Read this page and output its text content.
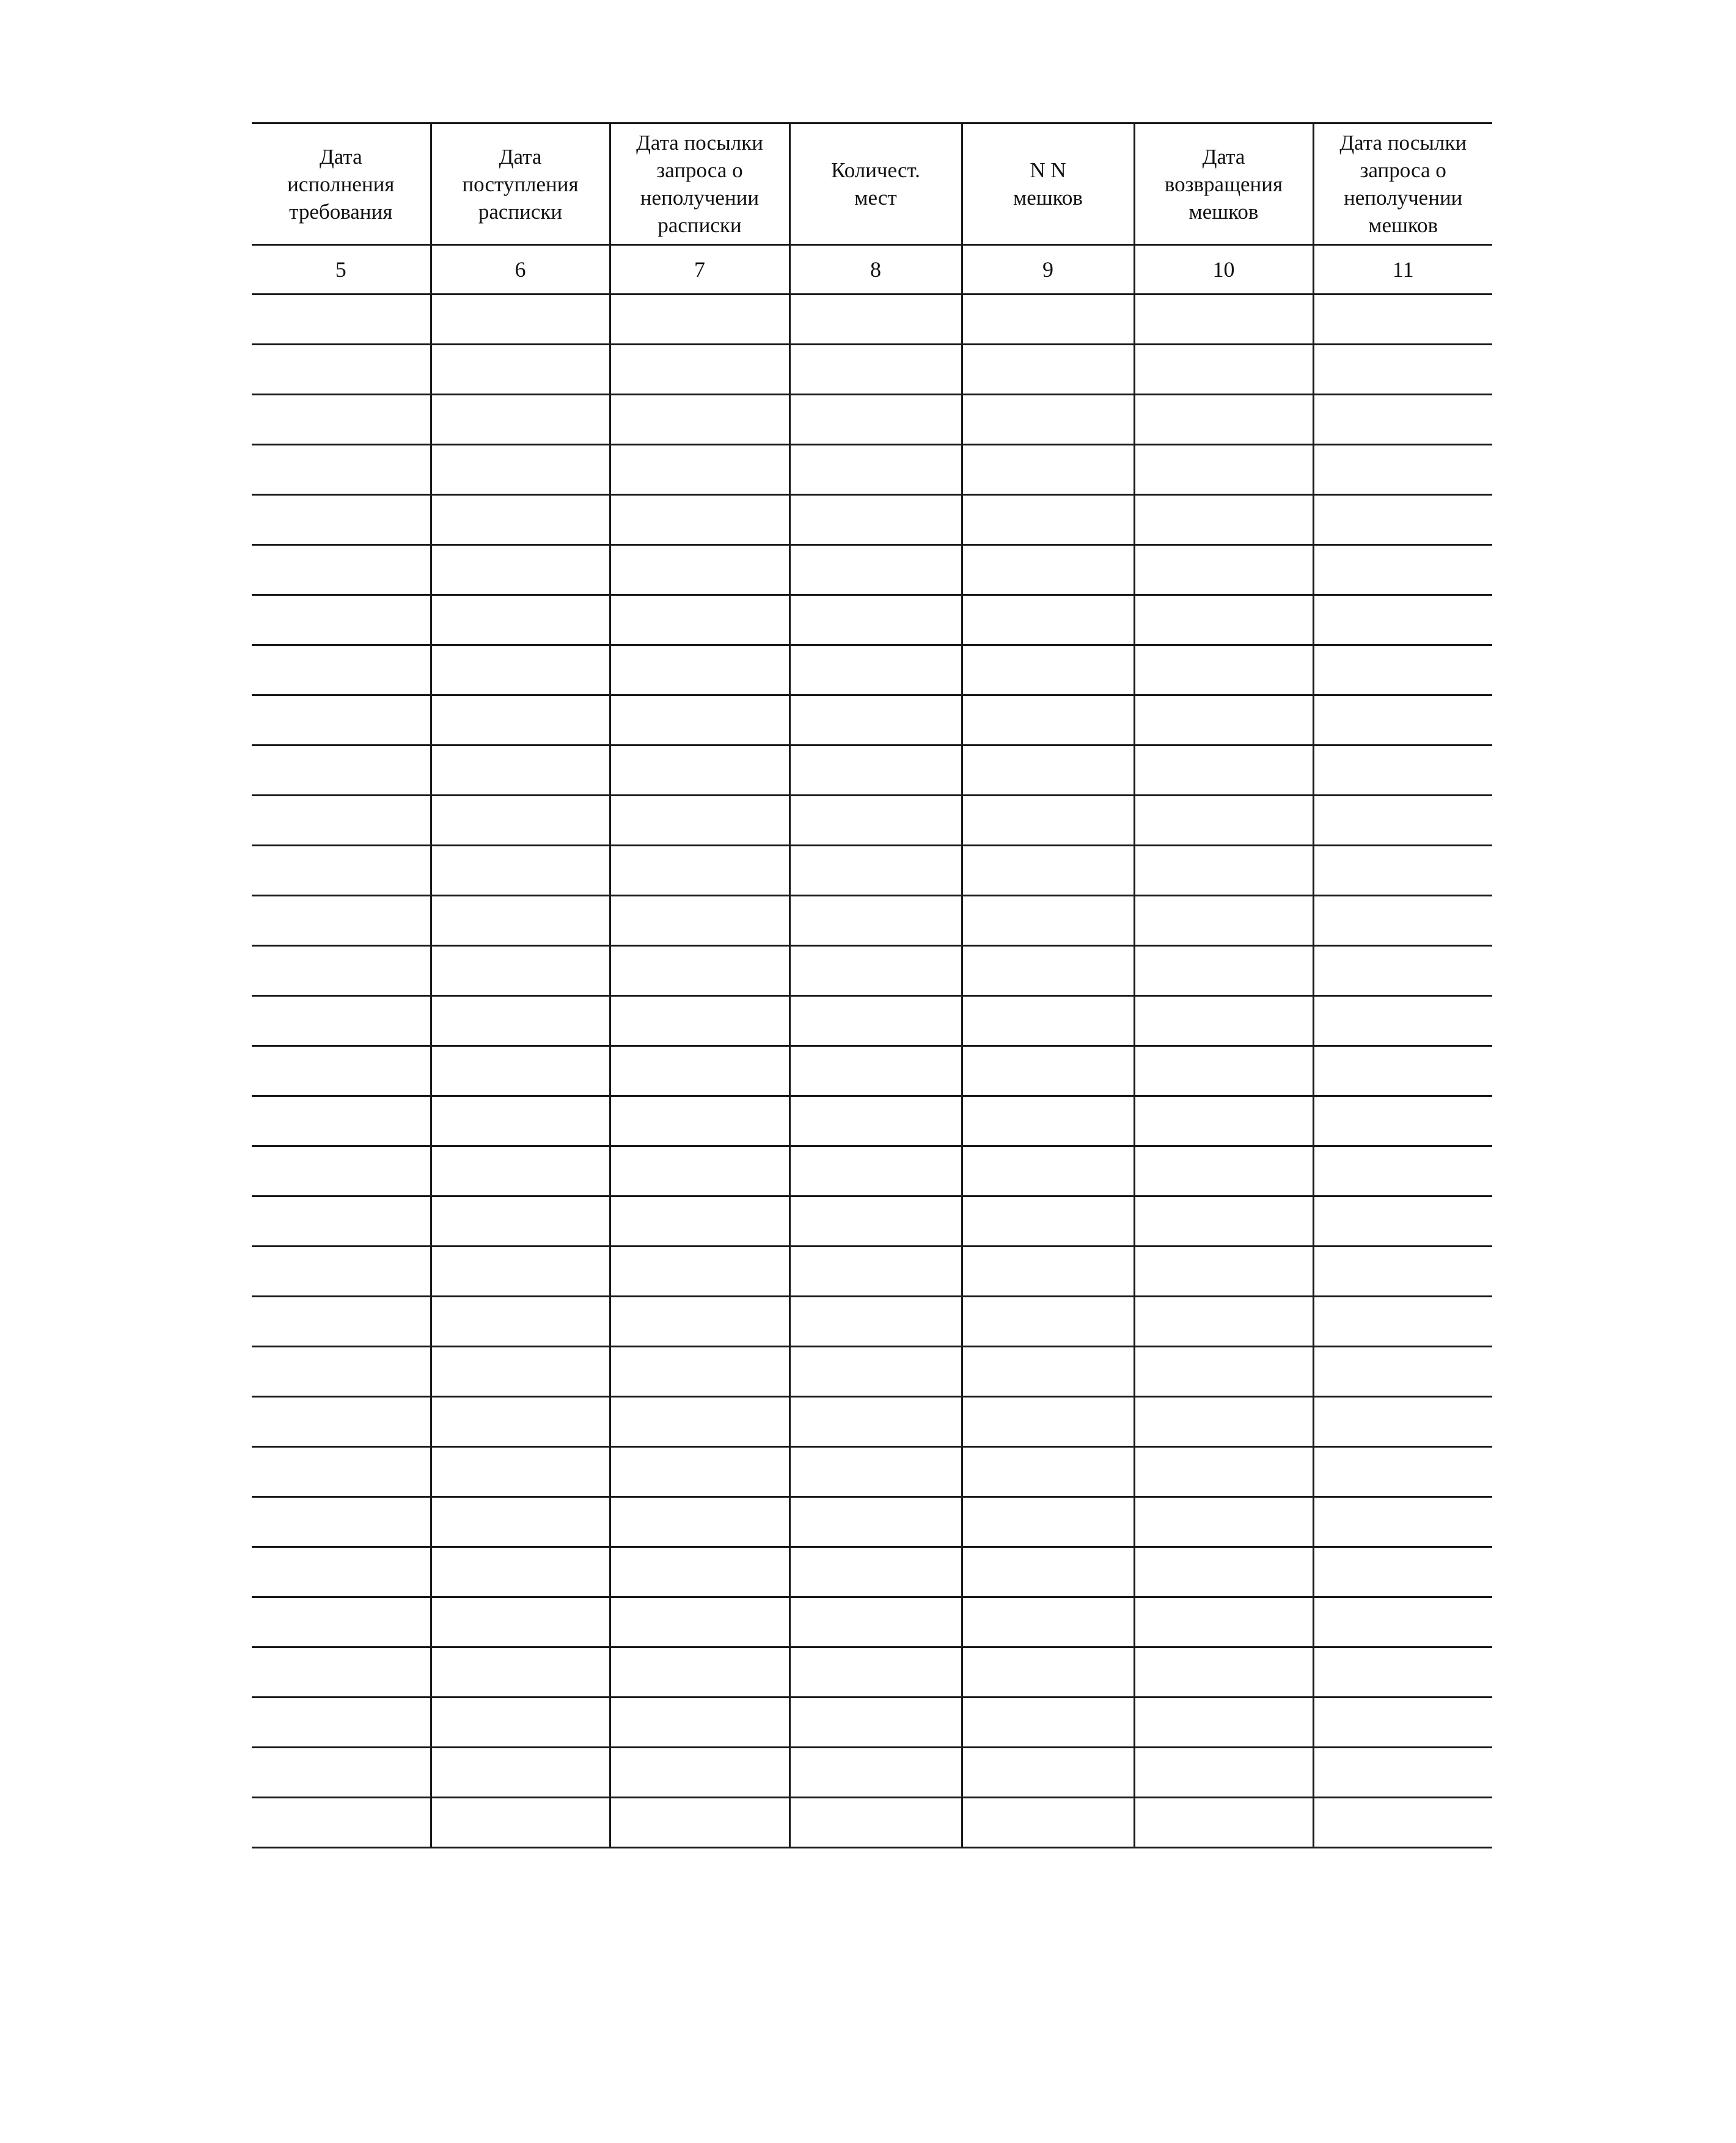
Дата
исполнения
требования	Дата
поступления
расписки	Дата посылки
запроса о
неполучении
расписки	Количест.
мест	N N
мешков	Дата
возвращения
мешков	Дата посылки
запроса о
неполучении
мешков
5	6	7	8	9	10	11
